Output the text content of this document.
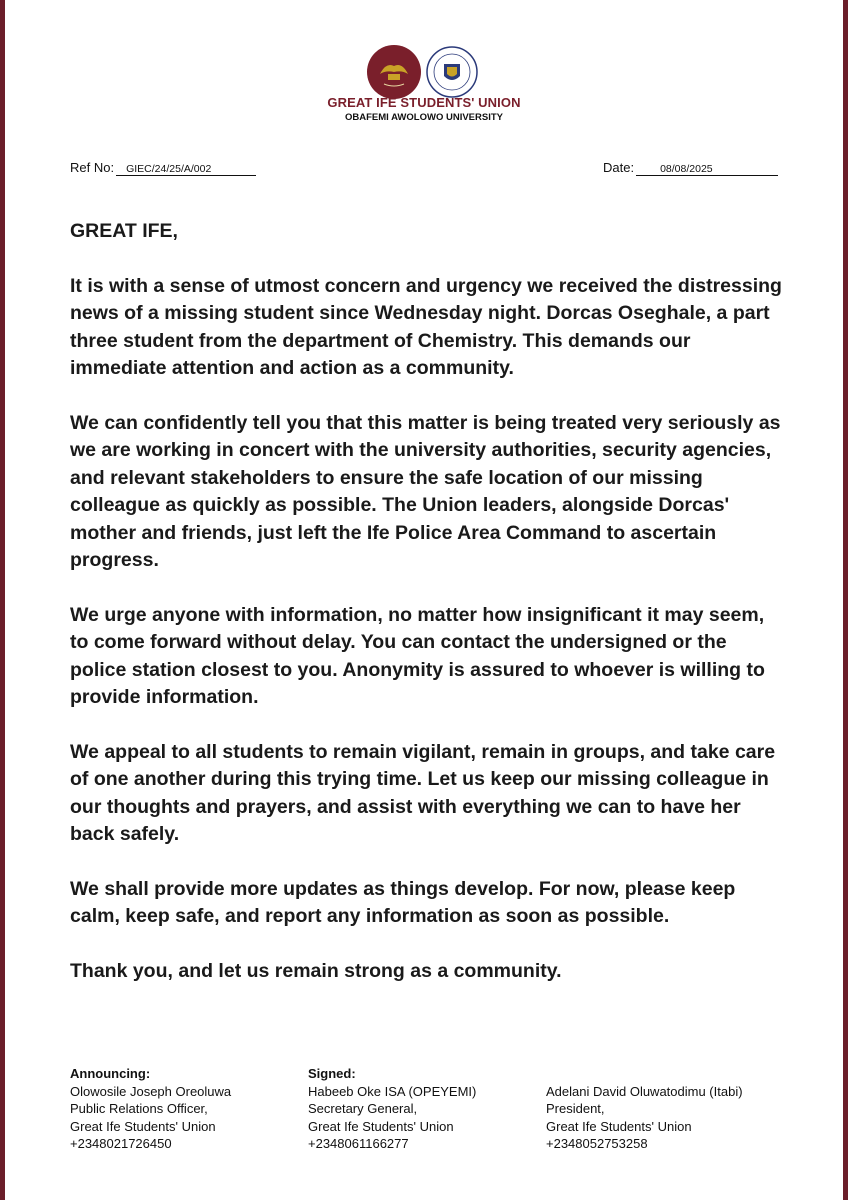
GREAT IFE STUDENTS' UNION
OBAFEMI AWOLOWO UNIVERSITY
Ref No: GIEC/24/25/A/002	Date: 08/08/2025

GREAT IFE,

It is with a sense of utmost concern and urgency we received the distressing news of a missing student since Wednesday night. Dorcas Oseghale, a part three student from the department of Chemistry. This demands our immediate attention and action as a community.

We can confidently tell you that this matter is being treated very seriously as we are working in concert with the university authorities, security agencies, and relevant stakeholders to ensure the safe location of our missing colleague as quickly as possible. The Union leaders, alongside Dorcas' mother and friends, just left the Ife Police Area Command to ascertain progress.

We urge anyone with information, no matter how insignificant it may seem, to come forward without delay. You can contact the undersigned or the police station closest to you. Anonymity is assured to whoever is willing to provide information.

We appeal to all students to remain vigilant, remain in groups, and take care of one another during this trying time. Let us keep our missing colleague in our thoughts and prayers, and assist with everything we can to have her back safely.

We shall provide more updates as things develop. For now, please keep calm, keep safe, and report any information as soon as possible.

Thank you, and let us remain strong as a community.

Announcing:
Olowosile Joseph Oreoluwa
Public Relations Officer,
Great Ife Students' Union
+2348021726450
Signed:
Habeeb Oke ISA (OPEYEMI)
Secretary General,
Great Ife Students' Union
+2348061166277
Adelani David Oluwatodimu (Itabi)
President,
Great Ife Students' Union
+2348052753258
